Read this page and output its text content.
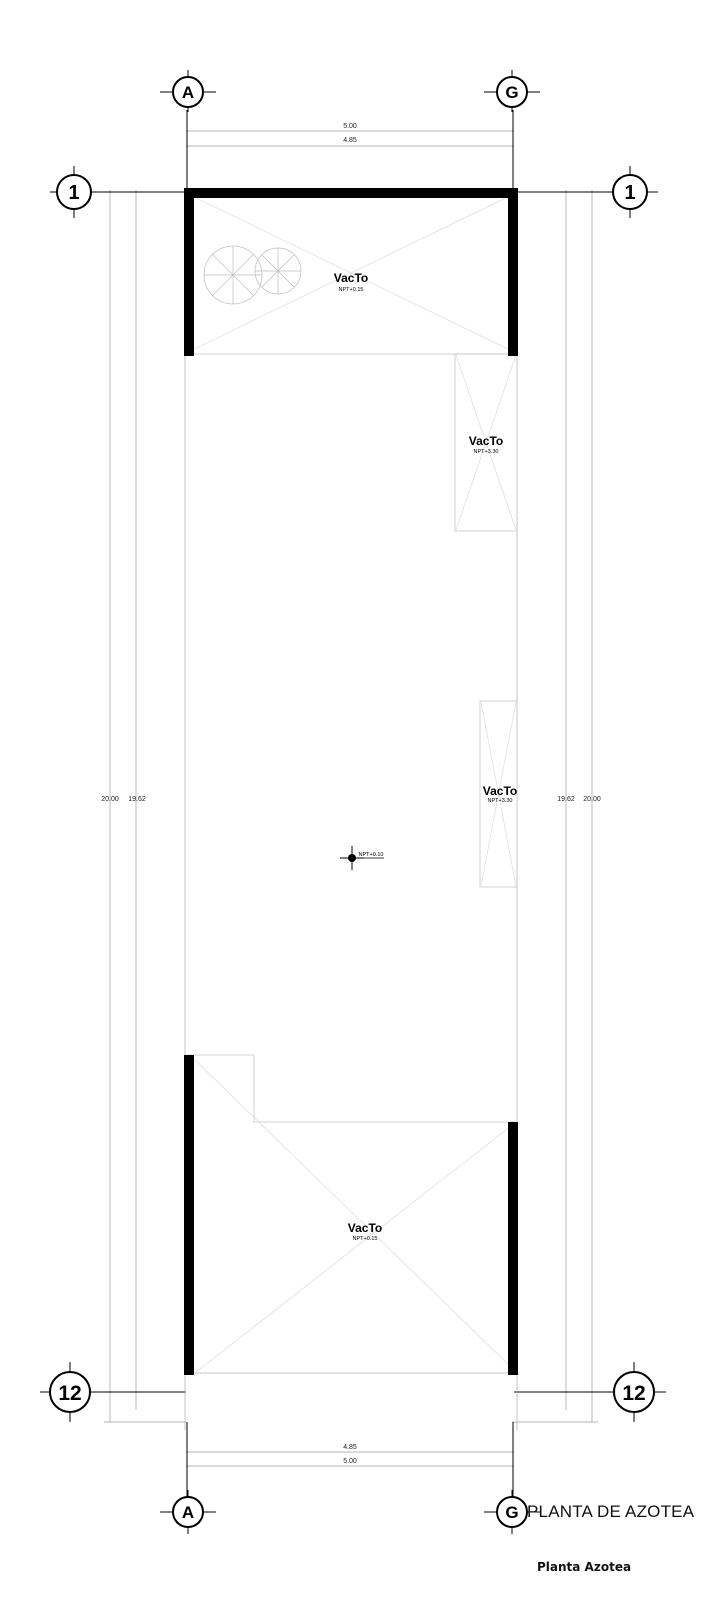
A	G
1	1
12	12
A	G
5.00
4.85
4.85
5.00
20.00 19.62	19.62 20.00
VacTo
NPT+0.15
VacTo
NPT+3.30
VacTo
NPT+3.30
VacTo
NPT+0.15
NPT+0.10
PLANTA DE AZOTEA
Planta Azotea
